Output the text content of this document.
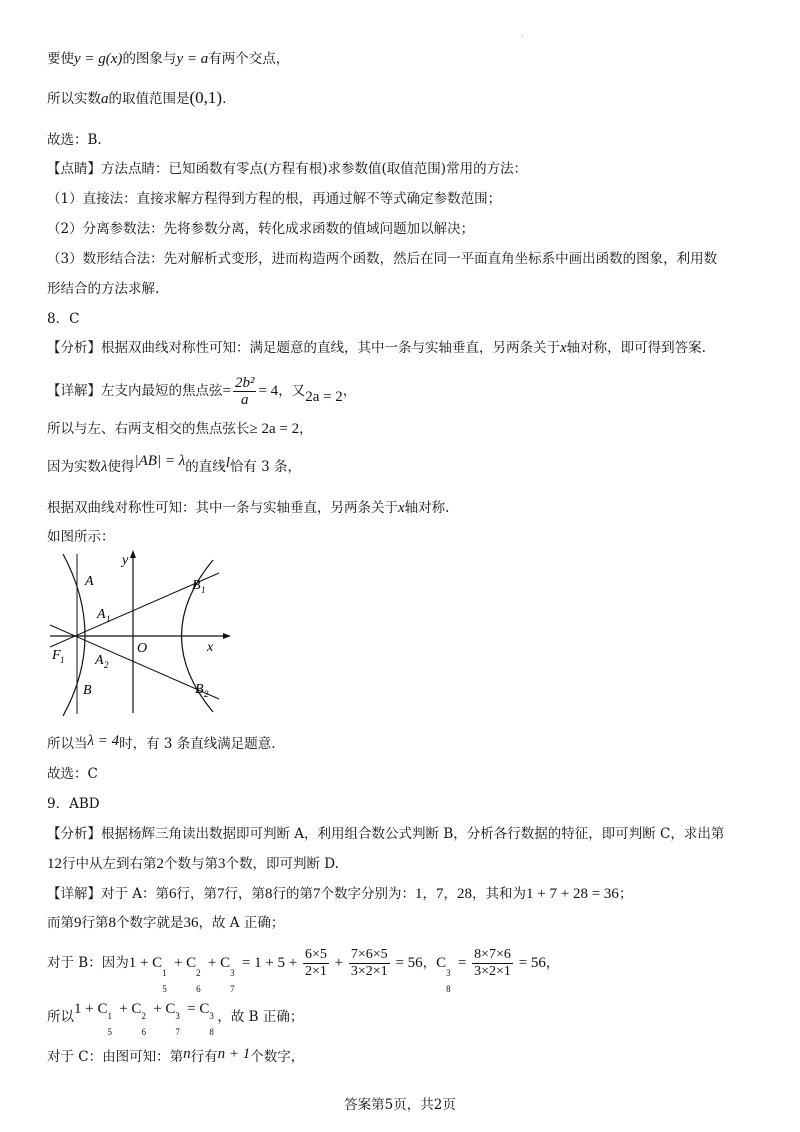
.
要使y = g(x)的图象与y = a有两个交点，
所以实数a的取值范围是(0,1).
故选：B.
【点睛】方法点睛：已知函数有零点(方程有根)求参数值(取值范围)常用的方法：
（1）直接法：直接求解方程得到方程的根，再通过解不等式确定参数范围；
（2）分离参数法：先将参数分离，转化成求函数的值域问题加以解决；
（3）数形结合法：先对解析式变形，进而构造两个函数，然后在同一平面直角坐标系中画出函数的图象，利用数
形结合的方法求解.
8．C
【分析】根据双曲线对称性可知：满足题意的直线，其中一条与实轴垂直，另两条关于x轴对称，即可得到答案.
【详解】左支内最短的焦点弦= $\frac{\text{2b²}}{a} = 4$，又2a = 2，
所以与左、右两支相交的焦点弦长≥ 2a = 2，
因为实数λ使得|AB| = λ的直线l恰有 3 条，
根据双曲线对称性可知：其中一条与实轴垂直，另两条关于x轴对称.
如图所示：
y
x
O
A
A 1
A 2
B
B 1
B 2
F 1
所以当λ = 4时，有 3 条直线满足题意.
故选：C
9．ABD
【分析】根据杨辉三角读出数据即可判断 A，利用组合数公式判断 B，分析各行数据的特征，即可判断 C，求出第
12行中从左到右第2个数与第3个数，即可判断 D.
【详解】对于 A：第6行，第7行，第8行的第7个数字分别为：1，7，28，其和为1 + 7 + 28 = 36；
而第9行第8个数字就是36，故 A 正确；
对于 B：因为1 + C
1
5
+ C
2
6
+ C
3
7
= $1 + 5 + \frac{6\times 5}{2\times 1} + \frac{7\times 6\times 5}{3\times 2\times 1} = 56$，C
3
8
= $\frac{8\times 7\times 6}{3\times 2\times 1} = 56$，
所以1 + C 1
5
+ C 2
6
+ C 3
7
= C 3
8
，故 B 正确；
对于 C：由图可知：第n行有n + 1个数字，
答案第5页，共2页
